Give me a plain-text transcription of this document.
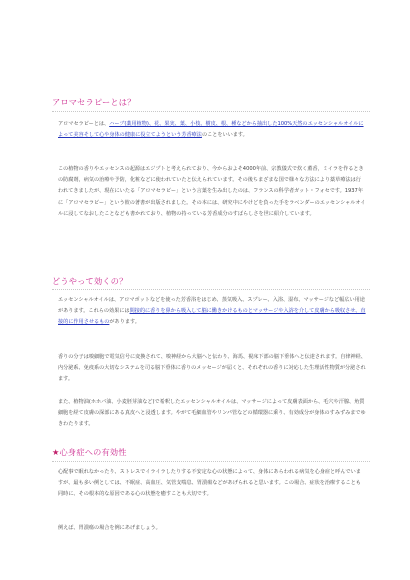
アロマセラピーとは？

アロマセラピーとは、ハーブ(薬用植物)、花、果実、葉、小枝、樹皮、根、種などから抽出した100%天然のエッセンシャルオイルによって美容そして心や身体の健康に役立てようという芳香療法のことをいいます。

この植物の香りやエッセンスの起源はエジプトと考えられており、今からおよそ4000年前、宗教儀式で炊く薫香，ミイラを作るときの防腐剤，病気の治療や予防，化粧などに使われていたと伝えられています。その後ちまざまな国で様々な方法により薬草療法は行われてきましたが、現在にいたる「アロマセラピー」という言葉を生み出したのは、フランスの科学者ガット・フォセです。1937年に「アロマセラピー」という彼の著書が出版されました。その本には、研究中にやけどを負った手をラベンダーのエッセンシャルオイルに浸してなおしたことなども書かれており、植物の持っている芳香成分のすばらしさを世に紹介しています。
どうやって効くの？

エッセンシャルオイルは、アロマポットなどを使った芳香浴をはじめ、蒸気吸入、スプレー、入浴、湿布、マッサージなど幅広い用途があります。これらの効果には間接的に香りを鼻から吸入して脳に働きかけるものとマッサージや入浴を介して皮膚から吸収させ、直接的に作用させるものがあります。

香りの分子は嗅細胞で電気信号に変換されて、嗅神経から大脳へと伝わり、海馬、視床下部の脳下垂体へと伝達されます。自律神経、内分泌系、免疫系の大切なシステムを司る脳下垂体に香りのメッセージが届くと、それぞれの香りに対応した生理活性物質が分泌されます。
また、植物油(ホホバ油、小麦胚芽油など)で希釈したエッセンシャルオイルは、マッサージによって皮膚表面から、毛穴や汗腺、角質細胞を経て皮膚の深部にある真皮へと浸透します。やがて毛細血管やリンパ管などの循環器に乗り、有効成分が身体のすみずみまでゆきわたります。
★心身症への有効性
心配事で眠れなかったり、ストレスでイライラしたりする不安定な心の状態によって、身体にあらわれる病気を心身症と呼んでいますが、最も多い例としては、不眠症、高血圧、気管支喘息、胃潰瘍などがあげられると思います。この場合、症状を治療することも同時に、その根本的な原因である心の状態を癒すことも大切です。
例えば、胃潰瘍の場合を例にあげましょう。
